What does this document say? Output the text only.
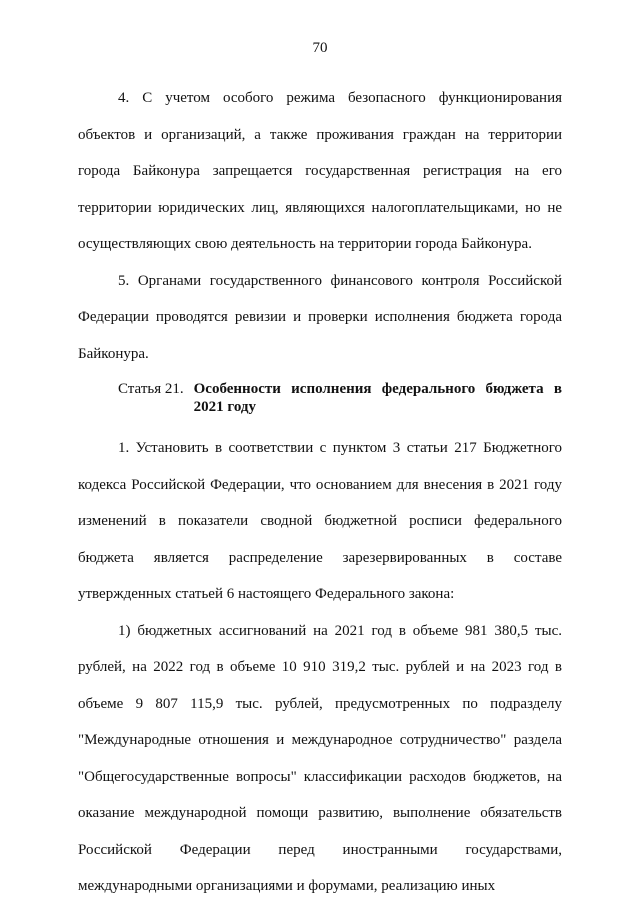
70

4. С учетом особого режима безопасного функционирования объектов и организаций, а также проживания граждан на территории города Байконура запрещается государственная регистрация на его территории юридических лиц, являющихся налогоплательщиками, но не осуществляющих свою деятельность на территории города Байконура.

5. Органами государственного финансового контроля Российской Федерации проводятся ревизии и проверки исполнения бюджета города Байконура.

Статья 21. Особенности исполнения федерального бюджета в 2021 году

1. Установить в соответствии с пунктом 3 статьи 217 Бюджетного кодекса Российской Федерации, что основанием для внесения в 2021 году изменений в показатели сводной бюджетной росписи федерального бюджета является распределение зарезервированных в составе утвержденных статьей 6 настоящего Федерального закона:

1) бюджетных ассигнований на 2021 год в объеме 981 380,5 тыс. рублей, на 2022 год в объеме 10 910 319,2 тыс. рублей и на 2023 год в объеме 9 807 115,9 тыс. рублей, предусмотренных по подразделу "Международные отношения и международное сотрудничество" раздела "Общегосударственные вопросы" классификации расходов бюджетов, на оказание международной помощи развитию, выполнение обязательств Российской Федерации перед иностранными государствами, международными организациями и форумами, реализацию иных
